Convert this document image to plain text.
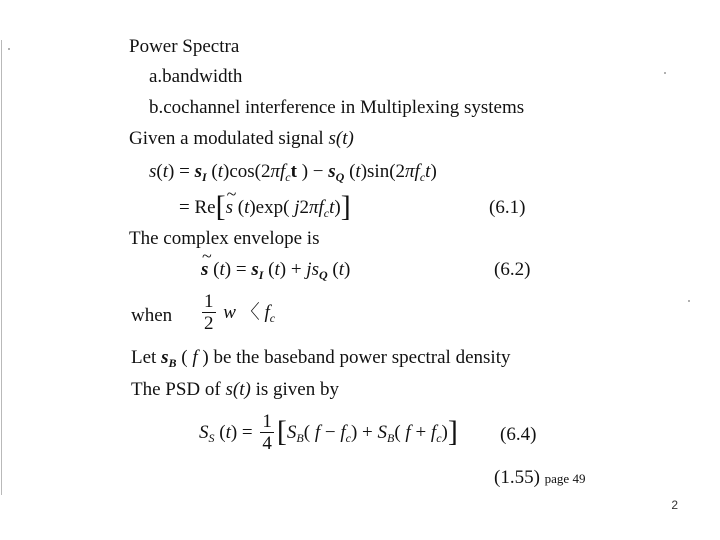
Power Spectra
a.bandwidth
b.cochannel interference in Multiplexing systems
Given a modulated signal s(t)
$s(t) = s_I$ $(t)\cos(2\pi f_ct$ ) − $s_Q$ $(t)\sin(2\pi f_ct)$
= Re[~ s (t)exp( $j2\pi f_ct$)]	(6.1)
The complex envelope is
~ s $(t) = s_I$ $(t) + js_Q$ (t)	(6.2)
when $\frac{1}{2}$ w 〈 $f_c$
Let $s_B$ ( f ) be the baseband power spectral density
The PSD of s(t) is given by
$S_S$ $(t) = \frac{1}{4} [S_B$( $f - f_c) + S_B$( $f + f_c$)] (6.4)
(1.55) page 49
2
